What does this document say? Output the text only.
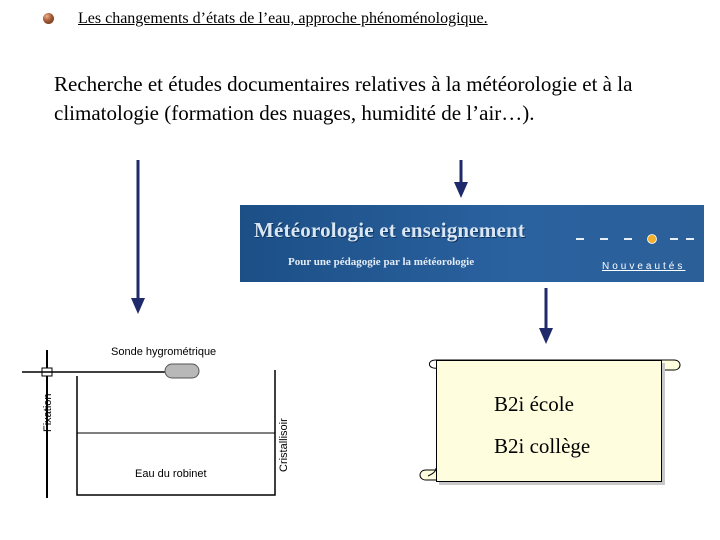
Les changements d’états de l’eau, approche phénoménologique.
Recherche et études documentaires relatives à la météorologie et à la climatologie (formation des nuages, humidité de l’air…).
Météorologie et enseignement
Pour une pédagogie par la météorologie	Nouveautés
Sonde hygrométrique
Fixation
Eau du robinet
Cristallisoir
B2i école
B2i collège
